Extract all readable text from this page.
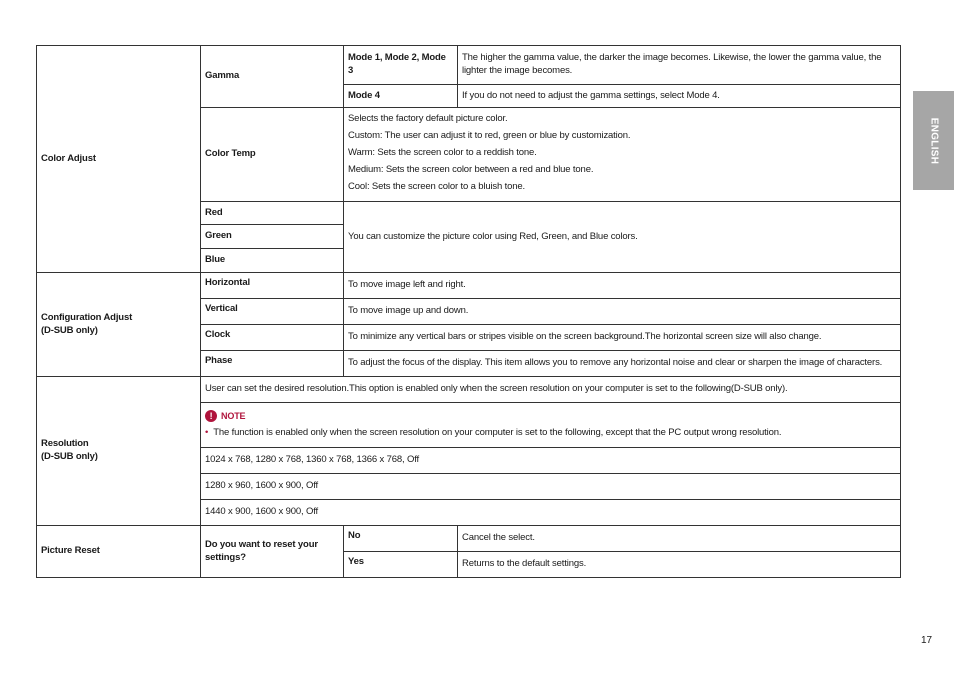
Color Adjust	Gamma	Mode 1, Mode 2, Mode 3	The higher the gamma value, the darker the image becomes. Likewise, the lower the gamma value, the lighter the image becomes.
		Mode 4	If you do not need to adjust the gamma settings, select Mode 4.
	Color Temp	Selects the factory default picture color.
Custom: The user can adjust it to red, green or blue by customization.
Warm: Sets the screen color to a reddish tone.
Medium: Sets the screen color between a red and blue tone.
Cool: Sets the screen color to a bluish tone.	

	Red	You can customize the picture color using Red, Green, and Blue colors.	
	Green		
	Blue		

Configuration Adjust
(D-SUB only)	Horizontal	To move image left and right.	
	Vertical	To move image up and down.	
	Clock	To minimize any vertical bars or stripes visible on the screen background.The horizontal screen size will also change.	
	Phase	To adjust the focus of the display. This item allows you to remove any horizontal noise and clear or sharpen the image of characters.	

Resolution
(D-SUB only)	User can set the desired resolution.This option is enabled only when the screen resolution on your computer is set to the following(D-SUB only).		

	! NOTE
• The function is enabled only when the screen resolution on your computer is set to the following, except that the PC output wrong resolution.		

	1024 x 768, 1280 x 768, 1360 x 768, 1366 x 768, Off		
	1280 x 960, 1600 x 900, Off		
	1440 x 900, 1600 x 900, Off		
Picture Reset	Do you want to reset your settings?	No	Cancel the select.
		Yes	Returns to the default settings.
ENGLISH
17
